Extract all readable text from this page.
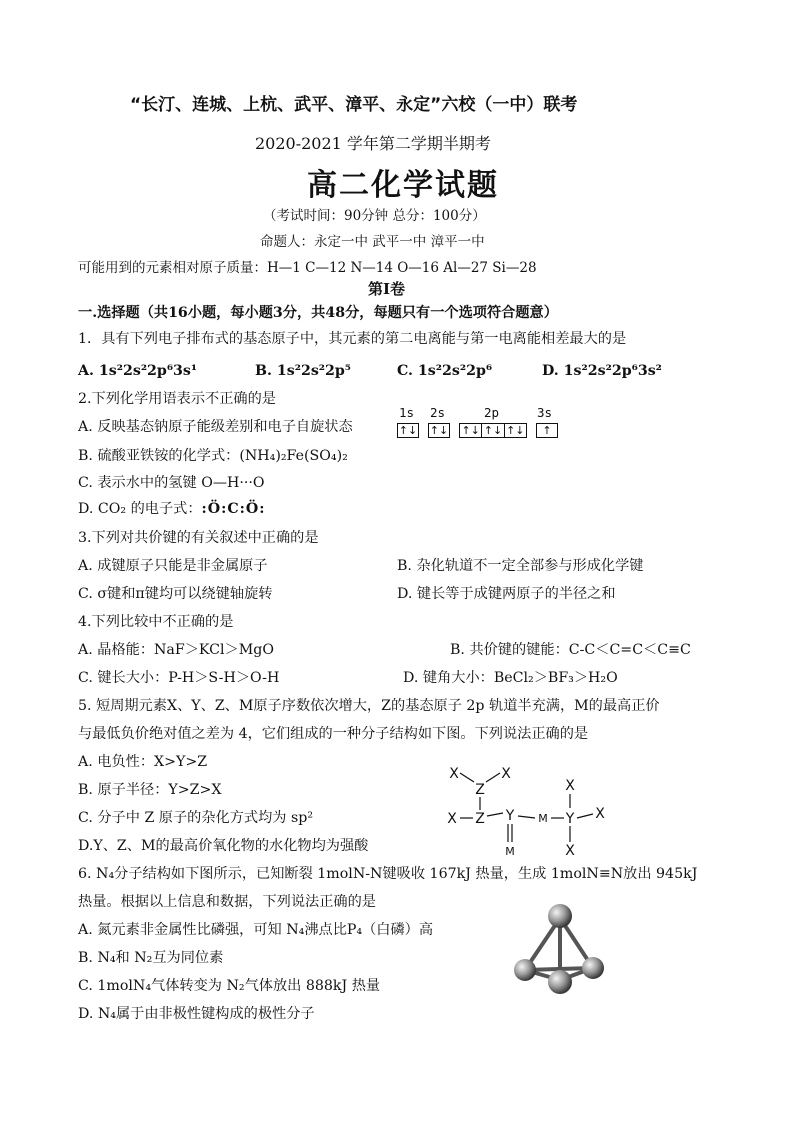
“长汀、连城、上杭、武平、漳平、永定”六校（一中）联考
2020-2021 学年第二学期半期考
高二化学试题
（考试时间：90分钟 总分：100分）
命题人：永定一中 武平一中 漳平一中
可能用到的元素相对原子质量：H—1 C—12 N—14 O—16 Al—27 Si—28
第Ⅰ卷
一.选择题（共16小题，每小题3分，共48分，每题只有一个选项符合题意）
1．具有下列电子排布式的基态原子中，其元素的第二电离能与第一电离能相差最大的是
A. 1s²2s²2p⁶3s¹	B. 1s²2s²2p⁵	C. 1s²2s²2p⁶	D. 1s²2s²2p⁶3s²
2.下列化学用语表示不正确的是
A. 反映基态钠原子能级差别和电子自旋状态
1s 2s	2p	3s
↑↓ ↑↓ ↑↓ ↑↓ ↑↓	↑
B. 硫酸亚铁铵的化学式：(NH₄)₂Fe(SO₄)₂
C. 表示水中的氢键 O—H···O
D. CO₂ 的电子式：:Ö:C:Ö:
3.下列对共价键的有关叙述中正确的是
A. 成键原子只能是非金属原子	B. 杂化轨道不一定全部参与形成化学键
C. σ键和π键均可以绕键轴旋转	D. 键长等于成键两原子的半径之和
4.下列比较中不正确的是
A. 晶格能：NaF＞KCl＞MgO	B. 共价键的键能：C-C＜C=C＜C≡C
C. 键长大小：P-H＞S-H＞O-H	D. 键角大小：BeCl₂＞BF₃＞H₂O
5. 短周期元素X、Y、Z、M原子序数依次增大，Z的基态原子 2p 轨道半充满，M的最高正价
与最低负价绝对值之差为 4，它们组成的一种分子结构如下图。下列说法正确的是
A. 电负性：X>Y>Z
B. 原子半径：Y>Z>X
C. 分子中 Z 原子的杂化方式均为 sp²
D.Y、Z、M的最高价氧化物的水化物均为强酸
X	X
Z
X Z Y M Y
X
X
X
M
6. N₄分子结构如下图所示，已知断裂 1molN-N键吸收 167kJ 热量，生成 1molN≡N放出 945kJ
热量。根据以上信息和数据，下列说法正确的是
A. 氮元素非金属性比磷强，可知 N₄沸点比P₄（白磷）高
B. N₄和 N₂互为同位素
C. 1molN₄气体转变为 N₂气体放出 888kJ 热量
D. N₄属于由非极性键构成的极性分子
